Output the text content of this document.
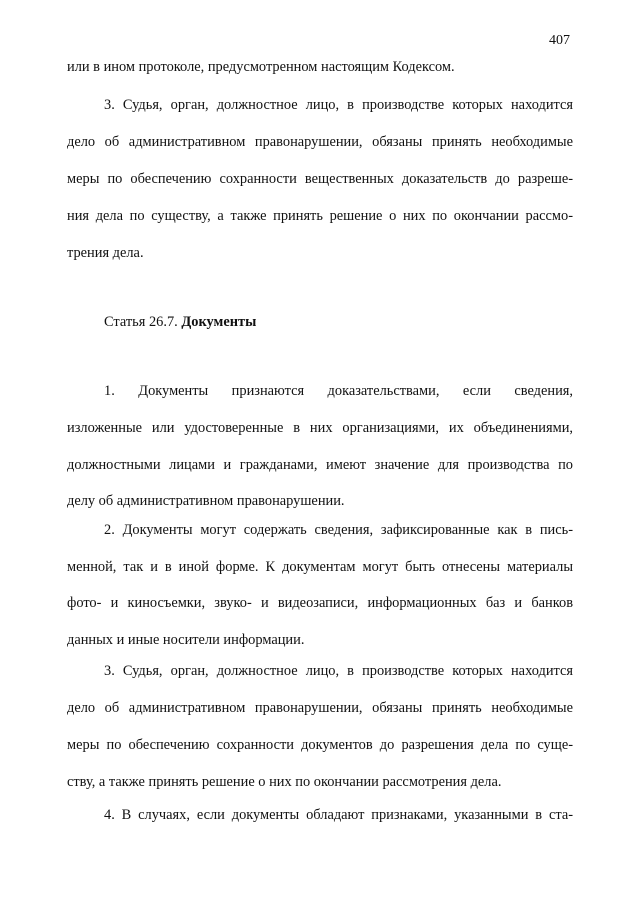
407
или в ином протоколе, предусмотренном настоящим Кодексом.
3. Судья, орган, должностное лицо, в производстве которых находится
дело об административном правонарушении, обязаны принять необходимые
меры по обеспечению сохранности вещественных доказательств до разреше-
ния дела по существу, а также принять решение о них по окончании рассмо-
трения дела.
Статья 26.7. Документы
1. Документы признаются доказательствами, если сведения,
изложенные или удостоверенные в них организациями, их объединениями,
должностными лицами и гражданами, имеют значение для производства по
делу об административном правонарушении.
2. Документы могут содержать сведения, зафиксированные как в пись-
менной, так и в иной форме. К документам могут быть отнесены материалы
фото- и киносъемки, звуко- и видеозаписи, информационных баз и банков
данных и иные носители информации.
3. Судья, орган, должностное лицо, в производстве которых находится
дело об административном правонарушении, обязаны принять необходимые
меры по обеспечению сохранности документов до разрешения дела по суще-
ству, а также принять решение о них по окончании рассмотрения дела.
4. В случаях, если документы обладают признаками, указанными в ста-
